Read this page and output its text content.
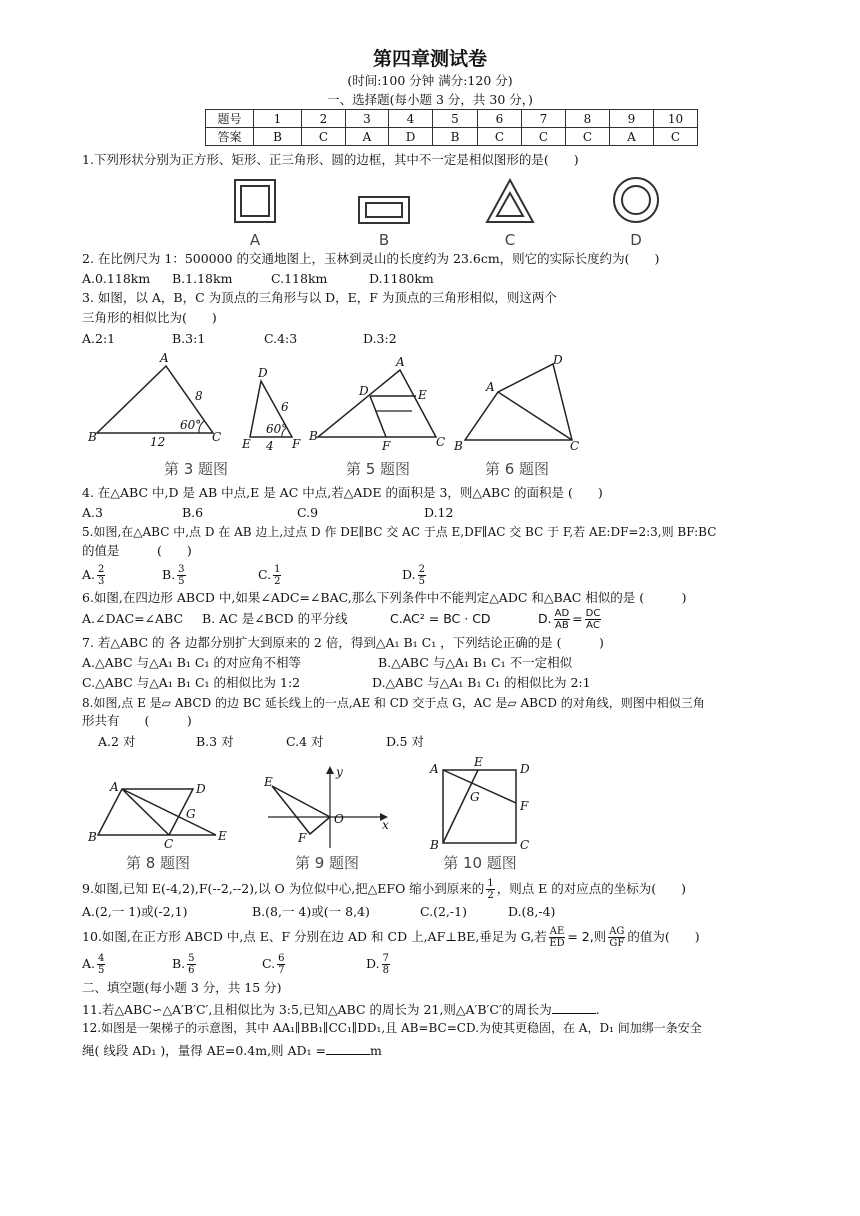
第四章测试卷
(时间:100 分钟 满分:120 分)
一、选择题(每小题 3 分，共 30 分，)
题号	1	2	3	4	5	6	7	8	9	10
答案	B	C	A	D	B	C	C	C	A	C
1.下列形状分别为正方形、矩形、正三角形、圆的边框，其中不一定是相似图形的是(　　)
A	B	C	D
2. 在比例尺为 1：500000 的交通地图上，玉林到灵山的长度约为 23.6cm，则它的实际长度约为(　　)
A.0.118km B.1.18km	C.118km	D.1180km
3. 如图，以 A，B，C 为顶点的三角形与以 D，E，F 为顶点的三角形相似，则这两个
三角形的相似比为(　　)
A.2:1	B.3:1	C.4:3	D.3:2
A
B	C
8
12
60°
D
E	F
6
60°
4
A
B	C
D	E
F
A
B	C
D
第 3 题图	第 5 题图	第 6 题图
4. 在△ABC 中,D 是 AB 中点,E 是 AC 中点,若△ADE 的面积是 3，则△ABC 的面积是 (　　)
A.3	B.6	C.9	D.12
5.如图,在△ABC 中,点 D 在 AB 边上,过点 D 作 DE∥BC 交 AC 于点 E,DF∥AC 交 BC 于 F,若 AE:DF=2:3,则 BF:BC
的值是　　　(　　)
A. $\frac{2}{3}$	B. $\frac{3}{5}$	C. $\frac{1}{2}$	D. $\frac{2}{5}$
6.如图,在四边形 ABCD 中,如果∠ADC=∠BAC,那么下列条件中不能判定△ADC 和△BAC 相似的是 (　　　)
A.∠DAC=∠ABC B. AC 是∠BCD 的平分线	C.AC² = BC · CD	D. $\frac{AD}{AB} = \frac{DC}{AC}$
7. 若△ABC 的 各 边都分别扩大到原来的 2 倍，得到△A₁ B₁ C₁ ，下列结论正确的是 (　　　)
A.△ABC 与△A₁ B₁ C₁ 的对应角不相等	B.△ABC 与△A₁ B₁ C₁ 不一定相似
C.△ABC 与△A₁ B₁ C₁ 的相似比为 1:2	D.△ABC 与△A₁ B₁ C₁ 的相似比为 2:1
8.如图,点 E 是▱ ABCD 的边 BC 延长线上的一点,AE 和 CD 交于点 G，AC 是▱ ABCD 的对角线，则图中相似三角
形共有　　(　　　)
A.2 对	B.3 对	C.4 对	D.5 对
A
B	C
D
E
G
E
F
O	x
y	A
B	C
D
E
F
G
第 8 题图	第 9 题图	第 10 题图
9.如图,已知 E(-4,2),F(--2,--2),以 O 为位似中心,把△EFO 缩小到原来的 $\frac{1}{2}$ ，则点 E 的对应点的坐标为(　　)
A.(2,一 1)或(-2,1)	B.(8,一 4)或(一 8,4)	C.(2,-1)	D.(8,-4)
10.如图,在正方形 ABCD 中,点 E、F 分别在边 AD 和 CD 上,AF⊥BE,垂足为 G,若 $\frac{AE}{ED} = 2$,则 $\frac{AG}{GF}$ 的值为(　　)
A. $\frac{4}{5}$	B. $\frac{5}{6}$	C. $\frac{6}{7}$	D. $\frac{7}{8}$
二、填空题(每小题 3 分，共 15 分)
11.若△ABC∽△A′B′C′,且相似比为 3:5,已知△ABC 的周长为 21,则△A′B′C′的周长为	.
12.如图是一架梯子的示意图，其中 AA₁∥BB₁∥CC₁∥DD₁,且 AB=BC=CD.为使其更稳固，在 A，D₁ 间加绑一条安全
绳( 线段 AD₁ )，量得 AE=0.4m,则 AD₁ =	m
